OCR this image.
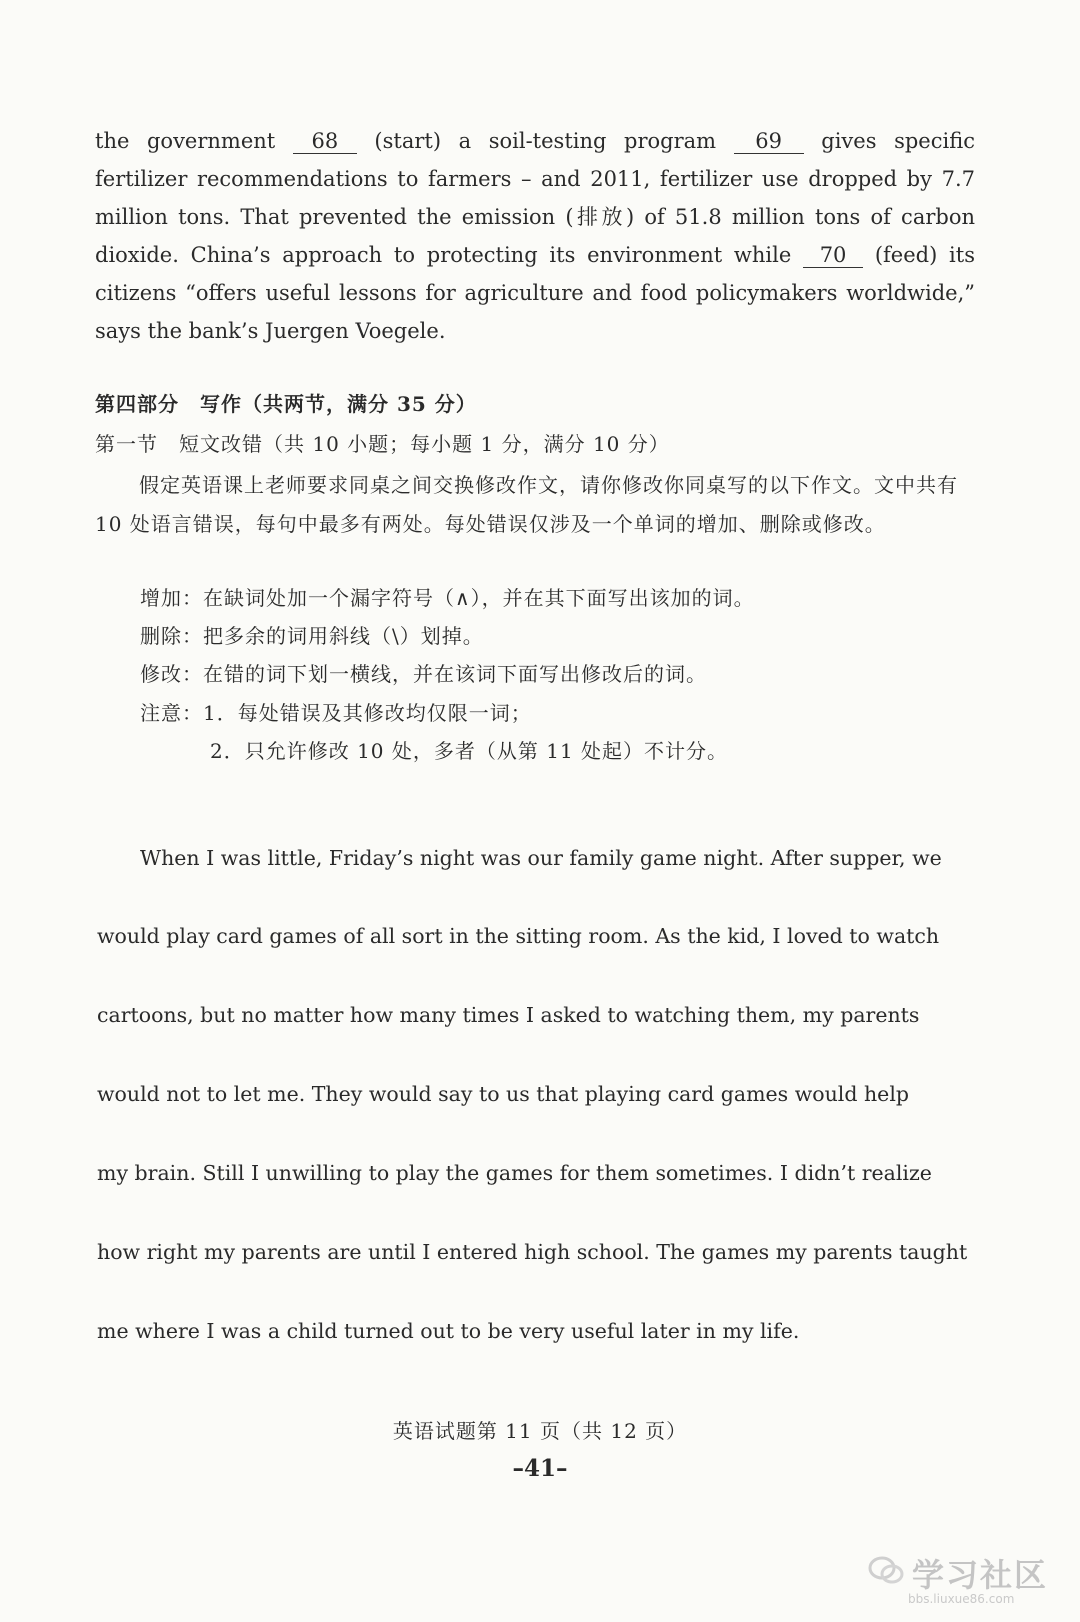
the government 68 (start) a soil-testing program 69 gives specific fertilizer recommendations to farmers – and 2011, fertilizer use dropped by 7.7 million tons. That prevented the emission (排放) of 51.8 million tons of carbon dioxide. China’s approach to protecting its environment while 70 (feed) its citizens “offers useful lessons for agriculture and food policymakers worldwide,” says the bank’s Juergen Voegele.
第四部分　写作（共两节，满分 35 分）
第一节　短文改错（共 10 小题；每小题 1 分，满分 10 分）
假定英语课上老师要求同桌之间交换修改作文，请你修改你同桌写的以下作文。文中共有 10 处语言错误，每句中最多有两处。每处错误仅涉及一个单词的增加、删除或修改。
增加：在缺词处加一个漏字符号（∧），并在其下面写出该加的词。
删除：把多余的词用斜线（\）划掉。
修改：在错的词下划一横线，并在该词下面写出修改后的词。
注意：1．每处错误及其修改均仅限一词；
2．只允许修改 10 处，多者（从第 11 处起）不计分。
When I was little, Friday’s night was our family game night. After supper, we
would play card games of all sort in the sitting room. As the kid, I loved to watch
cartoons, but no matter how many times I asked to watching them, my parents
would not to let me. They would say to us that playing card games would help
my brain. Still I unwilling to play the games for them sometimes. I didn’t realize
how right my parents are until I entered high school. The games my parents taught
me where I was a child turned out to be very useful later in my life.
英语试题第 11 页（共 12 页）
–41–
学习社区
bbs.liuxue86.com
